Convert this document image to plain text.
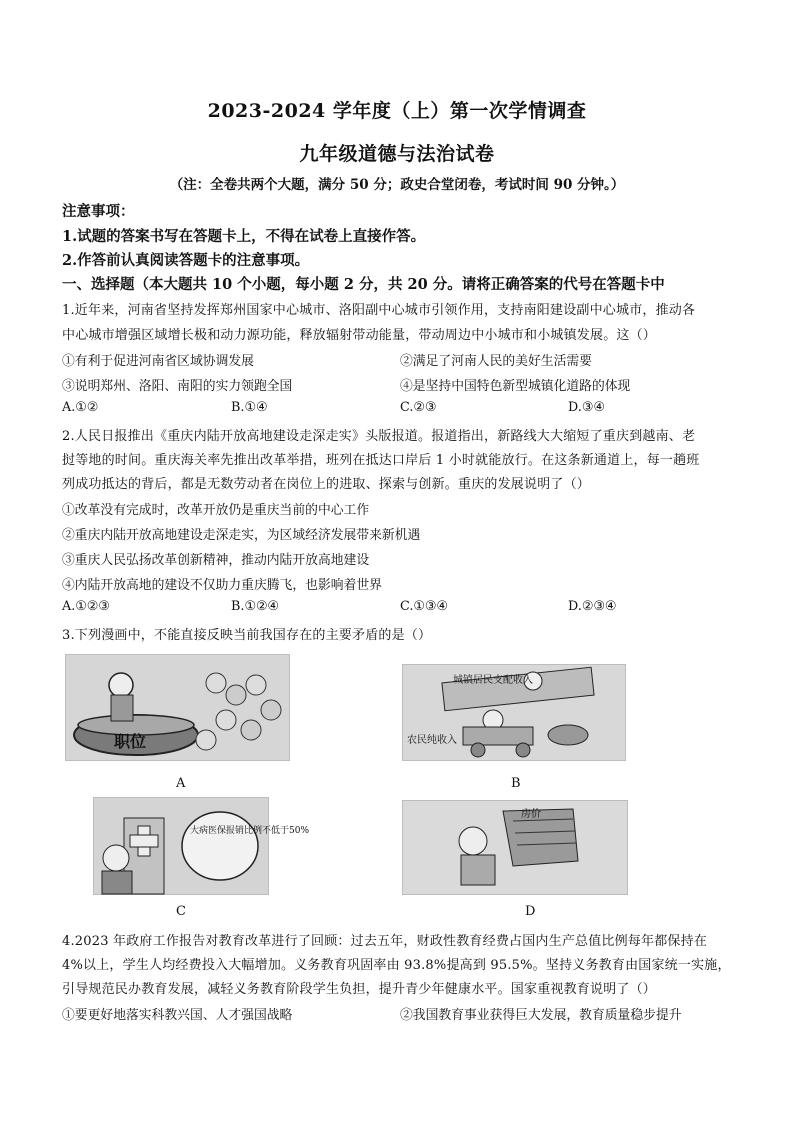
2023-2024 学年度（上）第一次学情调查
九年级道德与法治试卷
（注：全卷共两个大题，满分 50 分；政史合堂闭卷，考试时间 90 分钟。）
注意事项：
1.试题的答案书写在答题卡上，不得在试卷上直接作答。
2.作答前认真阅读答题卡的注意事项。
一、选择题（本大题共 10 个小题，每小题 2 分，共 20 分。请将正确答案的代号在答题卡中
1.近年来，河南省坚持发挥郑州国家中心城市、洛阳副中心城市引领作用，支持南阳建设副中心城市，推动各
中心城市增强区域增长极和动力源功能，释放辐射带动能量，带动周边中小城市和小城镇发展。这（）
①有利于促进河南省区域协调发展	②满足了河南人民的美好生活需要
③说明郑州、洛阳、南阳的实力领跑全国	④是坚持中国特色新型城镇化道路的体现
A.①②	B.①④	C.②③	D.③④
2.人民日报推出《重庆内陆开放高地建设走深走实》头版报道。报道指出，新路线大大缩短了重庆到越南、老
挝等地的时间。重庆海关率先推出改革举措，班列在抵达口岸后 1 小时就能放行。在这条新通道上，每一趟班
列成功抵达的背后，都是无数劳动者在岗位上的进取、探索与创新。重庆的发展说明了（）
①改革没有完成时，改革开放仍是重庆当前的中心工作
②重庆内陆开放高地建设走深走实，为区域经济发展带来新机遇
③重庆人民弘扬改革创新精神，推动内陆开放高地建设
④内陆开放高地的建设不仅助力重庆腾飞，也影响着世界
A.①②③	B.①②④	C.①③④	D.②③④
3.下列漫画中，不能直接反映当前我国存在的主要矛盾的是（）
职位
A
城镇居民支配收入
农民纯收入
B
大病医保报销比例不低于50%
C
房价
D
4.2023 年政府工作报告对教育改革进行了回顾：过去五年，财政性教育经费占国内生产总值比例每年都保持在
4%以上，学生人均经费投入大幅增加。义务教育巩固率由 93.8%提高到 95.5%。坚持义务教育由国家统一实施，
引导规范民办教育发展，减轻义务教育阶段学生负担，提升青少年健康水平。国家重视教育说明了（）
①要更好地落实科教兴国、人才强国战略	②我国教育事业获得巨大发展，教育质量稳步提升
